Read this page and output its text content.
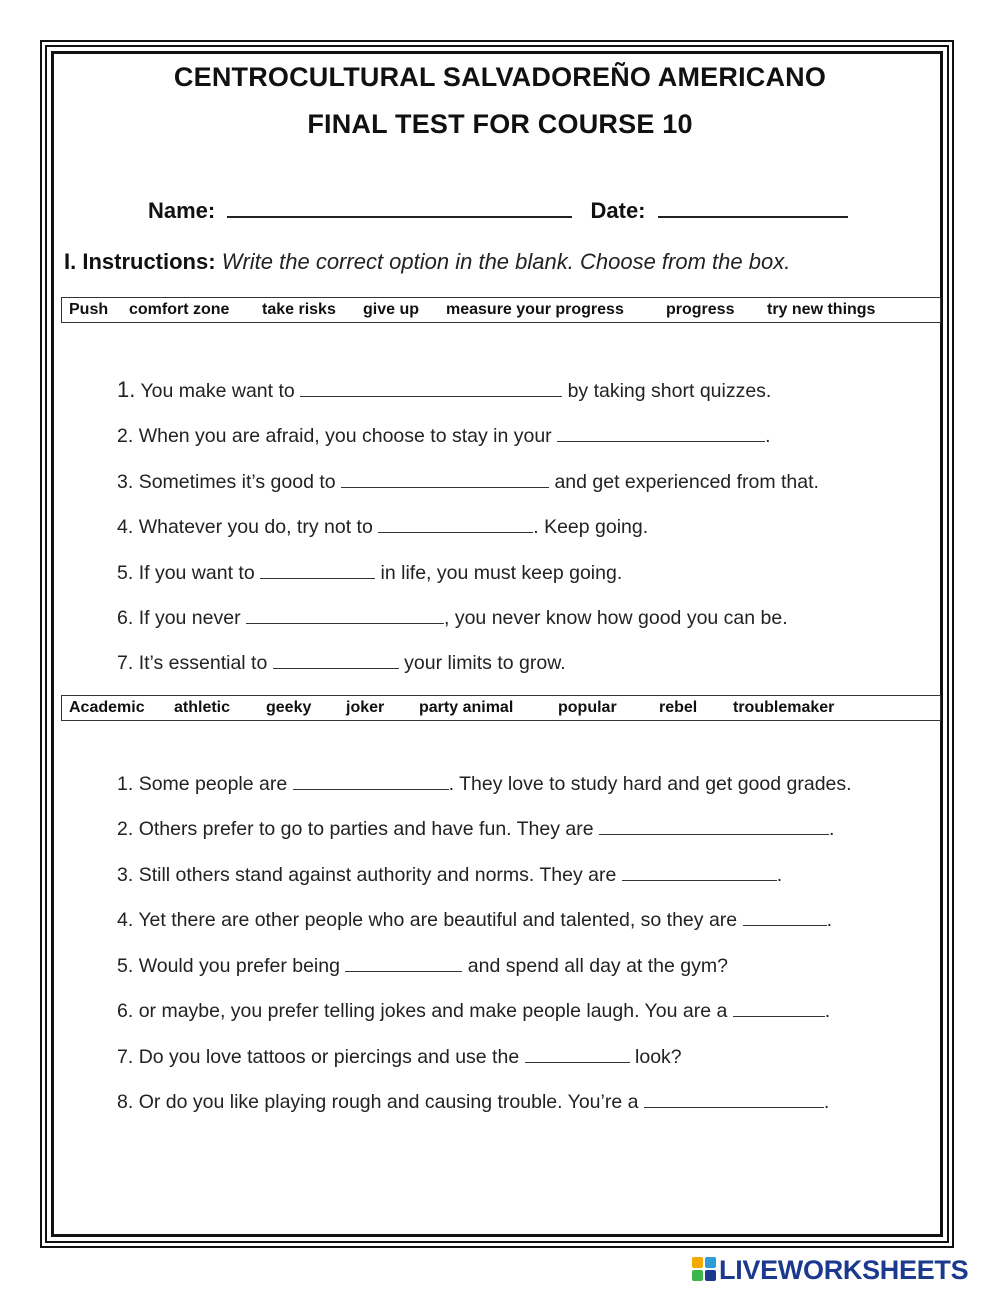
CENTROCULTURAL SALVADOREÑO AMERICANO
FINAL TEST FOR COURSE 10
Name:	Date:
I. Instructions: Write the correct option in the blank. Choose from the box.
Push comfort zone take risks give up measure your progress	progress try new things
1. You make want to	by taking short quizzes.
2. When you are afraid, you choose to stay in your	.
3. Sometimes it’s good to	and get experienced from that.
4. Whatever you do, try not to	. Keep going.
5. If you want to	in life, you must keep going.
6. If you never	, you never know how good you can be.
7. It’s essential to	your limits to grow.
Academic athletic geeky joker party animal	popular	rebel troublemaker
1. Some people are	. They love to study hard and get good grades.
2. Others prefer to go to parties and have fun. They are	.
3. Still others stand against authority and norms. They are	.
4. Yet there are other people who are beautiful and talented, so they are	.
5. Would you prefer being	and spend all day at the gym?
6. or maybe, you prefer telling jokes and make people laugh. You are a	.
7. Do you love tattoos or piercings and use the	look?
8. Or do you like playing rough and causing trouble. You’re a	.
LIVEWORKSHEETS
